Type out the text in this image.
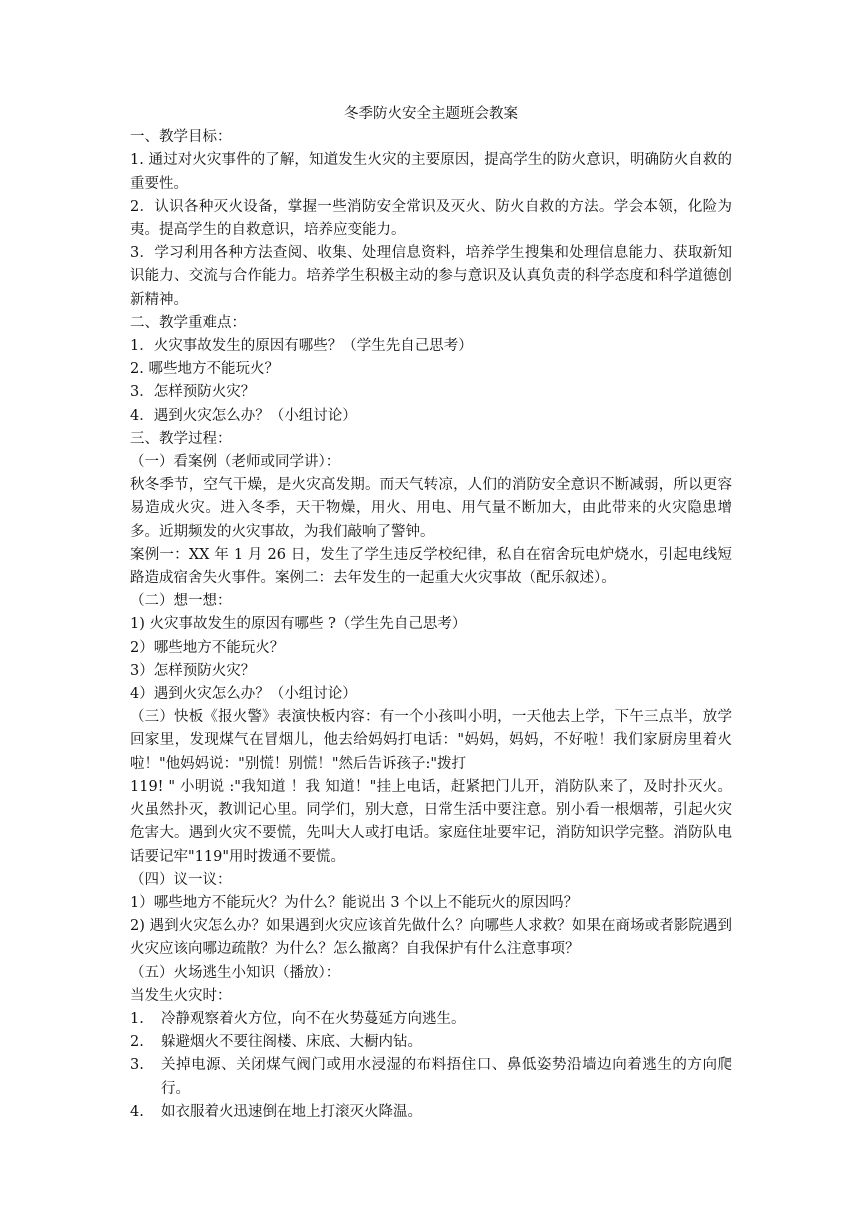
冬季防火安全主题班会教案

一、教学目标：

1. 通过对火灾事件的了解，知道发生火灾的主要原因，提高学生的防火意识，明确防火自救的重要性。

2．认识各种灭火设备，掌握一些消防安全常识及灭火、防火自救的方法。学会本领，化险为夷。提高学生的自救意识，培养应变能力。

3．学习利用各种方法查阅、收集、处理信息资料，培养学生搜集和处理信息能力、获取新知识能力、交流与合作能力。培养学生积极主动的参与意识及认真负责的科学态度和科学道德创新精神。

二、教学重难点：

1．火灾事故发生的原因有哪些？（学生先自己思考）

2. 哪些地方不能玩火？

3．怎样预防火灾？

4．遇到火灾怎么办？（小组讨论）

三、教学过程：

（一）看案例（老师或同学讲）：

秋冬季节，空气干燥，是火灾高发期。而天气转凉，人们的消防安全意识不断减弱，所以更容易造成火灾。进入冬季，天干物燥，用火、用电、用气量不断加大，由此带来的火灾隐患增多。近期频发的火灾事故，为我们敲响了警钟。

案例一：XX 年 1 月 26 日，发生了学生违反学校纪律，私自在宿舍玩电炉烧水，引起电线短路造成宿舍失火事件。案例二：去年发生的一起重大火灾事故（配乐叙述）。

（二）想一想：

1) 火灾事故发生的原因有哪些 ?（学生先自己思考）

2）哪些地方不能玩火？

3）怎样预防火灾？

4）遇到火灾怎么办？（小组讨论）

（三）快板《报火警》表演快板内容：有一个小孩叫小明，一天他去上学，下午三点半，放学回家里，发现煤气在冒烟儿，他去给妈妈打电话："妈妈，妈妈，不好啦！我们家厨房里着火啦！"他妈妈说："别慌！别慌！"然后告诉孩子:"拨打

119! " 小明说 :"我知道 ！我 知道！"挂上电话，赶紧把门儿开，消防队来了，及时扑灭火。火虽然扑灭，教训记心里。同学们，别大意，日常生活中要注意。别小看一根烟蒂，引起火灾危害大。遇到火灾不要慌，先叫大人或打电话。家庭住址要牢记，消防知识学完整。消防队电话要记牢"119"用时拨通不要慌。

（四）议一议：

1）哪些地方不能玩火？为什么？能说出 3 个以上不能玩火的原因吗？

2) 遇到火灾怎么办？如果遇到火灾应该首先做什么？向哪些人求救？如果在商场或者影院遇到火灾应该向哪边疏散？为什么？怎么撤离？自我保护有什么注意事项？

（五）火场逃生小知识（播放）：

当发生火灾时：

1.	冷静观察着火方位，向不在火势蔓延方向逃生。
2.	躲避烟火不要往阁楼、床底、大橱内钻。
3.	关掉电源、关闭煤气阀门或用水浸湿的布料捂住口、鼻低姿势沿墙边向着逃生的方向爬行。
4.	如衣服着火迅速倒在地上打滚灭火降温。
